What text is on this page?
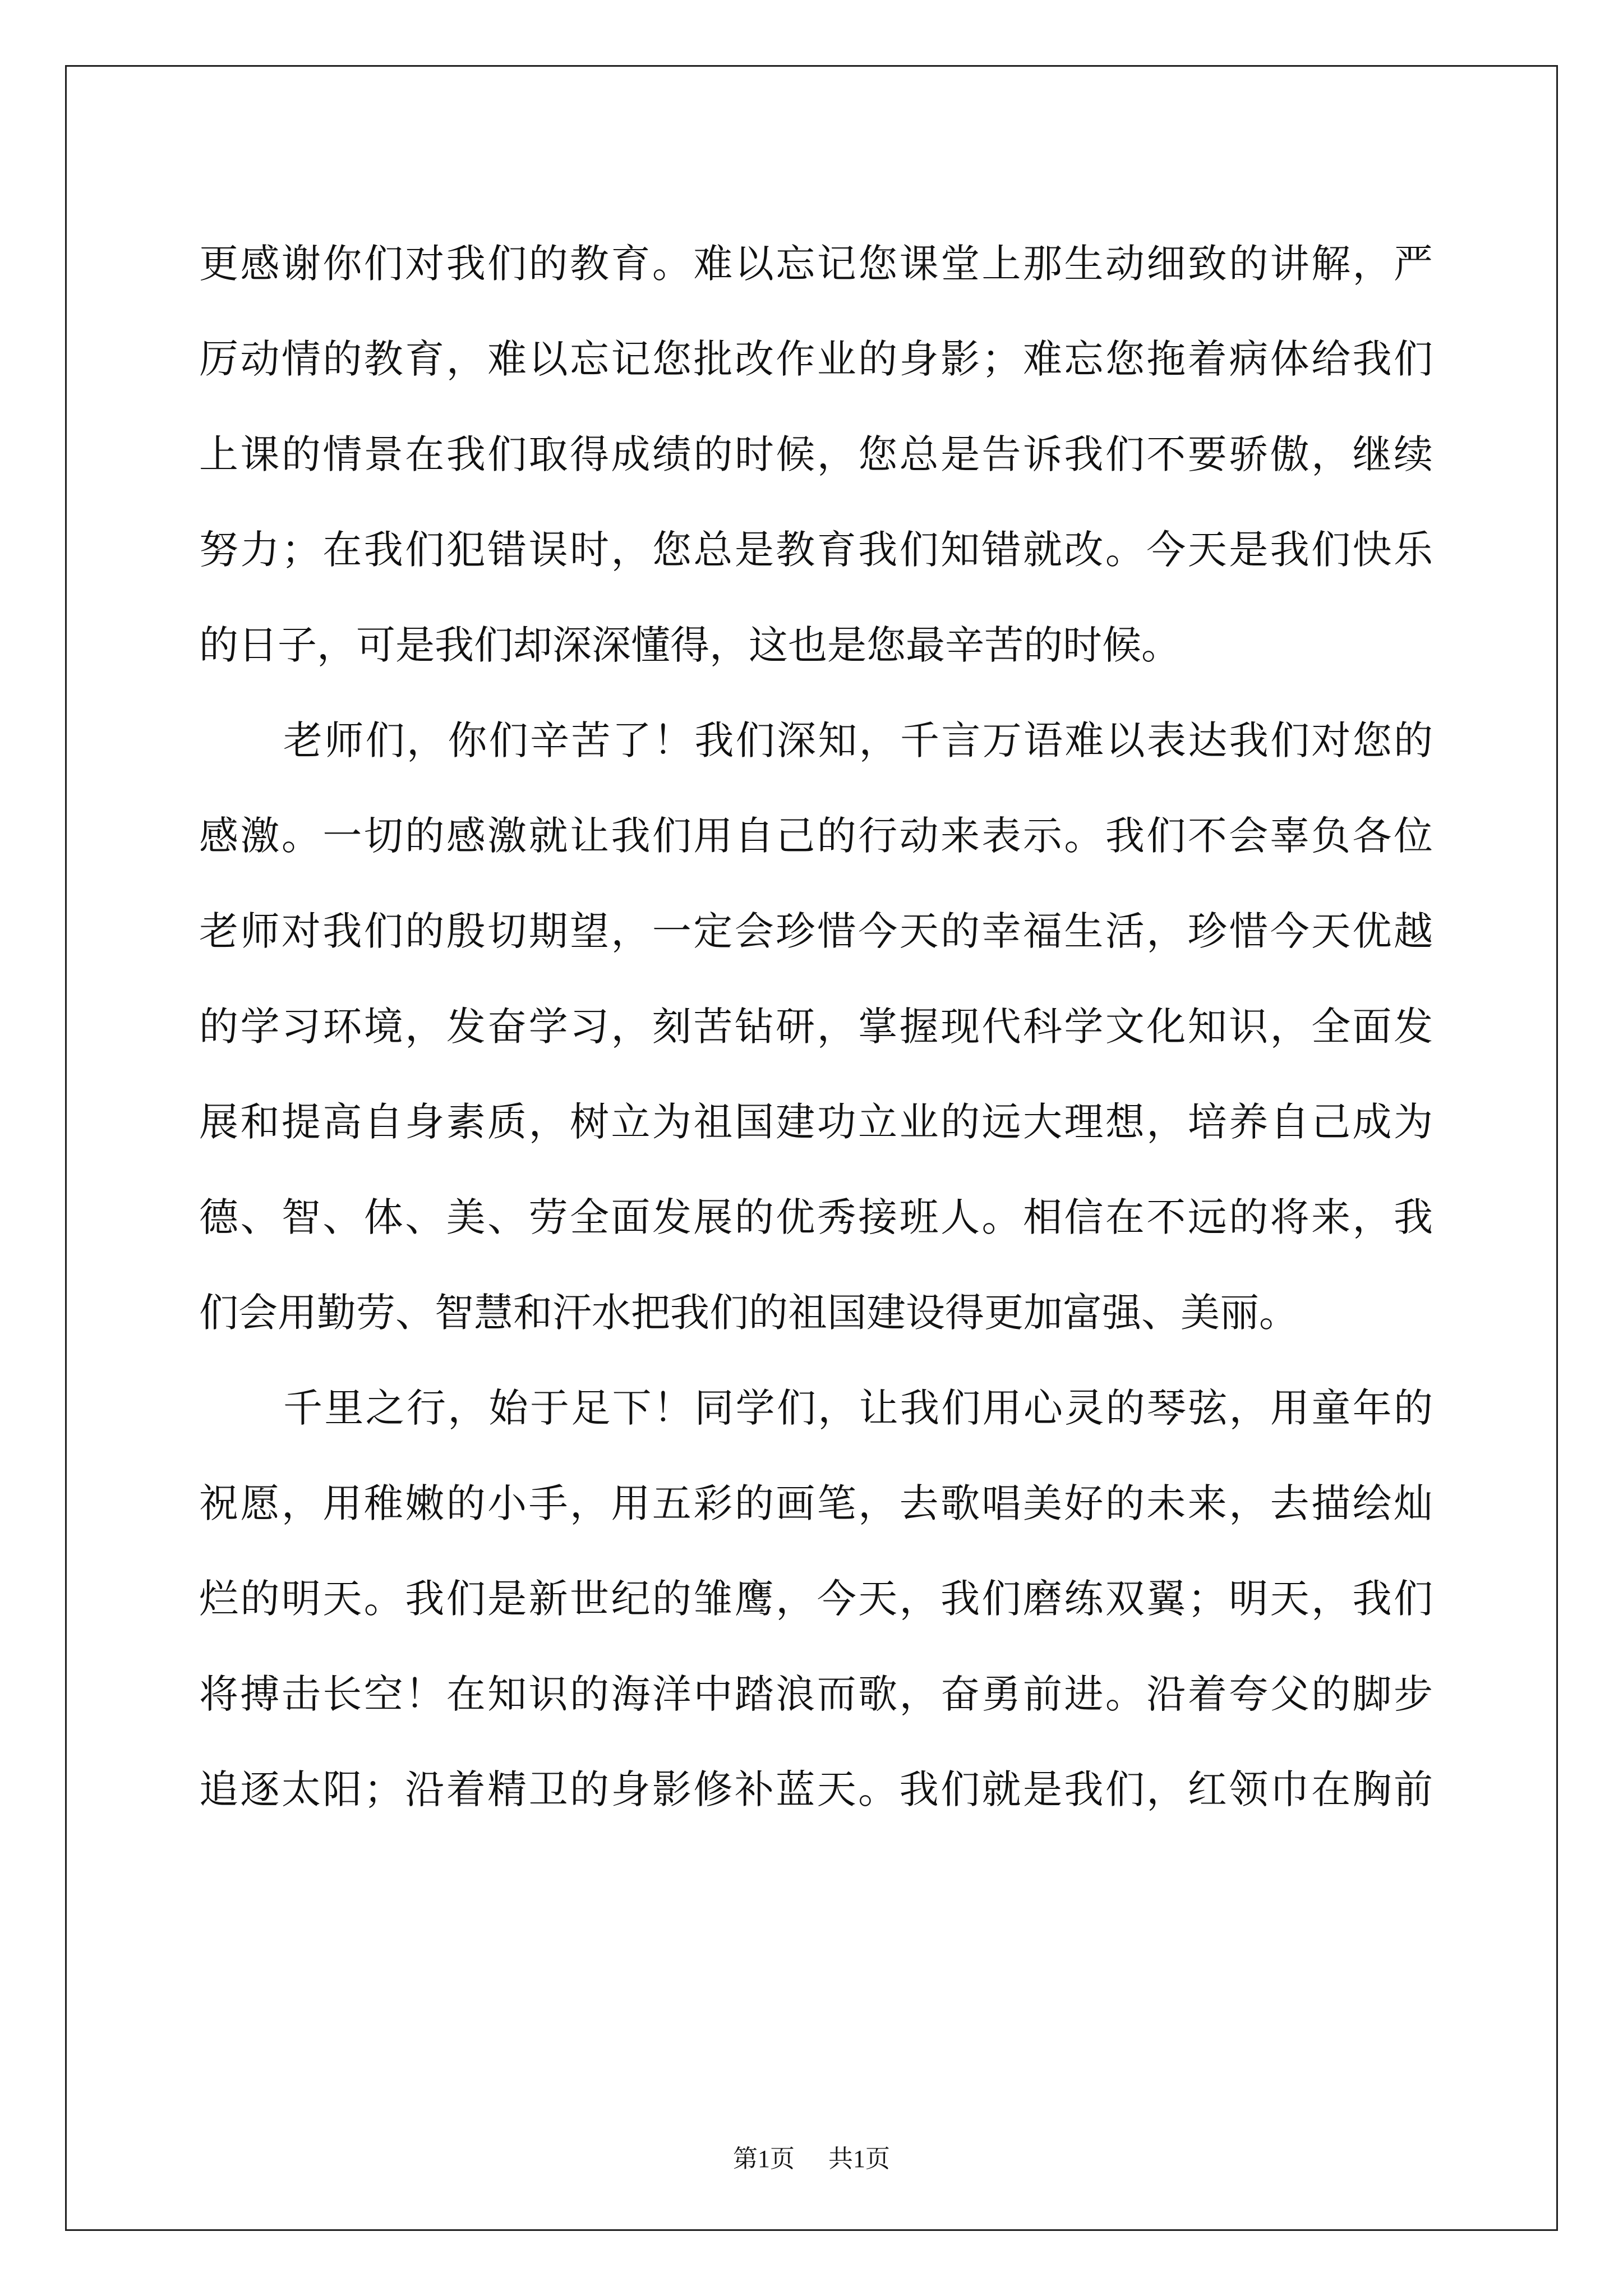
更感谢你们对我们的教育。难以忘记您课堂上那生动细致的讲解，严
厉动情的教育，难以忘记您批改作业的身影；难忘您拖着病体给我们
上课的情景在我们取得成绩的时候，您总是告诉我们不要骄傲，继续
努力；在我们犯错误时，您总是教育我们知错就改。今天是我们快乐
的日子，可是我们却深深懂得，这也是您最辛苦的时候。
老师们，你们辛苦了！我们深知，千言万语难以表达我们对您的
感激。一切的感激就让我们用自己的行动来表示。我们不会辜负各位
老师对我们的殷切期望，一定会珍惜今天的幸福生活，珍惜今天优越
的学习环境，发奋学习，刻苦钻研，掌握现代科学文化知识，全面发
展和提高自身素质，树立为祖国建功立业的远大理想，培养自己成为
德、智、体、美、劳全面发展的优秀接班人。相信在不远的将来，我
们会用勤劳、智慧和汗水把我们的祖国建设得更加富强、美丽。
千里之行，始于足下！同学们，让我们用心灵的琴弦，用童年的
祝愿，用稚嫩的小手，用五彩的画笔，去歌唱美好的未来，去描绘灿
烂的明天。我们是新世纪的雏鹰，今天，我们磨练双翼；明天，我们
将搏击长空！在知识的海洋中踏浪而歌，奋勇前进。沿着夸父的脚步
追逐太阳；沿着精卫的身影修补蓝天。我们就是我们，红领巾在胸前
第1页 共1页
